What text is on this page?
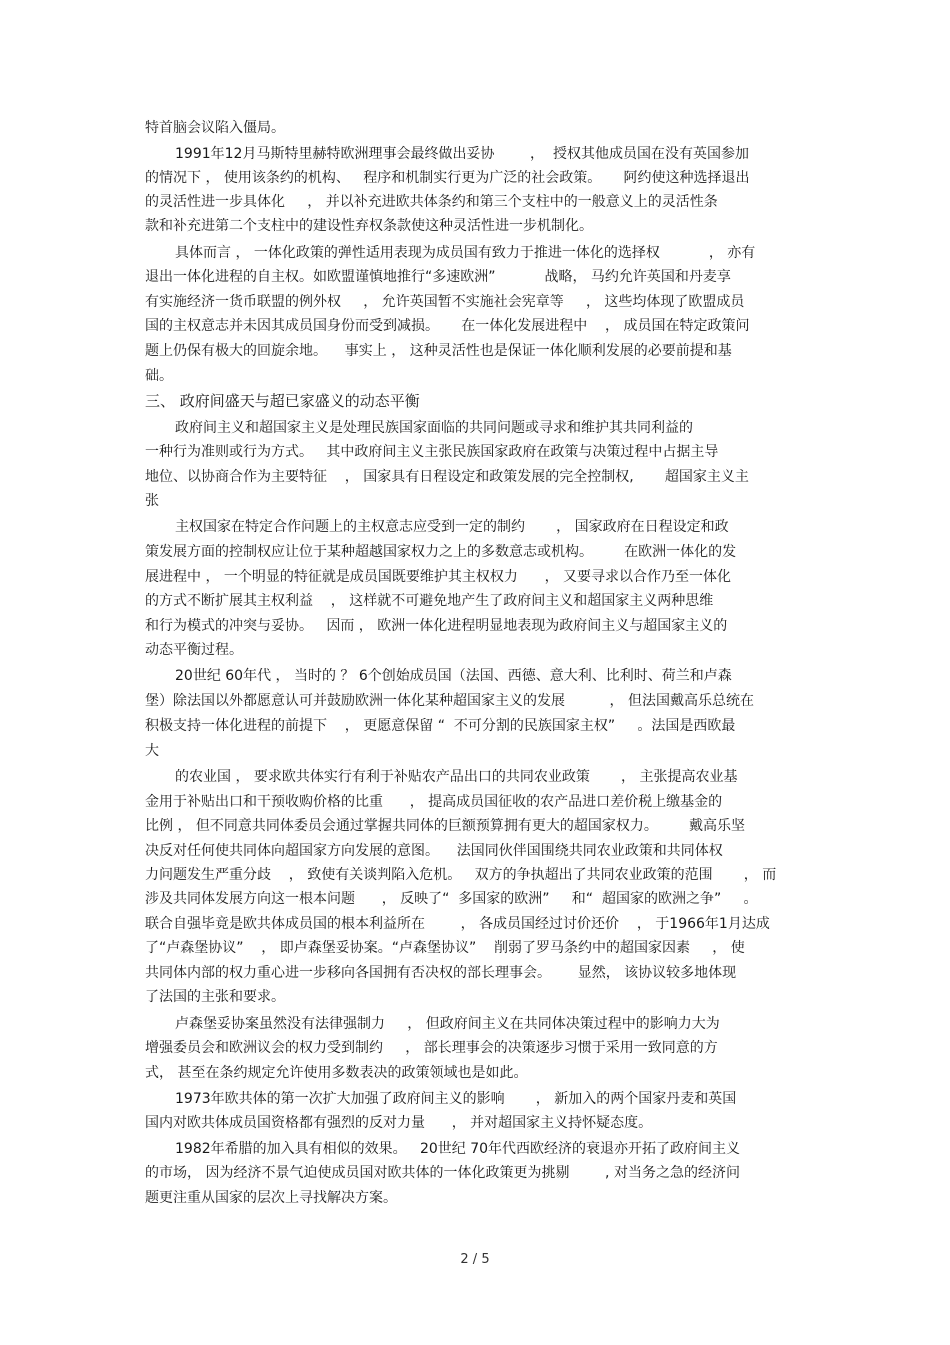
特首脑会议陷入僵局。
1991年12月马斯特里赫特欧洲理事会最终做出妥协        ，  授权其他成员国在没有英国参加
的情况下 ， 使用该条约的机构、   程序和机制实行更为广泛的社会政策。     阿约使这种选择退出
的灵活性进一步具体化     ， 并以补充进欧共体条约和第三个支柱中的一般意义上的灵活性条
款和补充进第二个支柱中的建设性弃权条款使这种灵活性进一步机制化。
具体而言 ， 一体化政策的弹性适用表现为成员国有致力于推进一体化的选择权           ， 亦有
退出一体化进程的自主权。如欧盟谨慎地推行“多速欧洲”           战略， 马约允许英国和丹麦享
有实施经济一货币联盟的例外权     ， 允许英国暂不实施社会宪章等     ， 这些均体现了欧盟成员
国的主权意志并未因其成员国身份而受到减损。     在一体化发展进程中    ， 成员国在特定政策问
题上仍保有极大的回旋余地。    事实上 ， 这种灵活性也是保证一体化顺利发展的必要前提和基
础。
三、 政府间盛天与超已家盛义的动态平衡
政府间主义和超国家主义是处理民族国家面临的共同问题或寻求和维护其共同利益的
一种行为准则或行为方式。   其中政府间主义主张民族国家政府在政策与决策过程中占据主导
地位、以协商合作为主要特征    ， 国家具有日程设定和政策发展的完全控制权,       超国家主义主
张
主权国家在特定合作问题上的主权意志应受到一定的制约       ， 国家政府在日程设定和政
策发展方面的控制权应让位于某种超越国家权力之上的多数意志或机构。       在欧洲一体化的发
展进程中 ， 一个明显的特征就是成员国既要维护其主权权力      ， 又要寻求以合作乃至一体化
的方式不断扩展其主权利益    ， 这样就不可避免地产生了政府间主义和超国家主义两种思维
和行为模式的冲突与妥协。   因而 ， 欧洲一体化进程明显地表现为政府间主义与超国家主义的
动态平衡过程。
20世纪 60年代 ， 当时的 ？ 6个创始成员国（法国、西德、意大利、比利时、荷兰和卢森
堡）除法国以外都愿意认可并鼓励欧洲一体化某种超国家主义的发展          ， 但法国戴高乐总统在
积极支持一体化进程的前提下    ， 更愿意保留 “  不可分割的民族国家主权”     。法国是西欧最
大
的农业国 ， 要求欧共体实行有利于补贴农产品出口的共同农业政策       ， 主张提高农业基
金用于补贴出口和干预收购价格的比重      ， 提高成员国征收的农产品进口差价税上缴基金的
比例 ， 但不同意共同体委员会通过掌握共同体的巨额预算拥有更大的超国家权力。       戴高乐坚
决反对任何使共同体向超国家方向发展的意图。    法国同伙伴国围绕共同农业政策和共同体权
力问题发生严重分歧    ， 致使有关谈判陷入危机。   双方的争执超出了共同农业政策的范围       ， 而
涉及共同体发展方向这一根本问题      ， 反映了“  多国家的欧洲”     和“  超国家的欧洲之争”     。
联合自强毕竟是欧共体成员国的根本利益所在        ， 各成员国经过讨价还价    ， 于1966年1月达成
了“卢森堡协议”    ， 即卢森堡妥协案。“卢森堡协议”    削弱了罗马条约中的超国家因素     ， 使
共同体内部的权力重心进一步移向各国拥有否决权的部长理事会。      显然， 该协议较多地体现
了法国的主张和要求。
卢森堡妥协案虽然没有法律强制力     ， 但政府间主义在共同体决策过程中的影响力大为
增强委员会和欧洲议会的权力受到制约     ， 部长理事会的决策逐步习惯于采用一致同意的方
式， 甚至在条约规定允许使用多数表决的政策领域也是如此。
1973年欧共体的第一次扩大加强了政府间主义的影响       ， 新加入的两个国家丹麦和英国
国内对欧共体成员国资格都有强烈的反对力量      ， 并对超国家主义持怀疑态度。
1982年希腊的加入具有相似的效果。   20世纪 70年代西欧经济的衰退亦开拓了政府间主义
的市场， 因为经济不景气迫使成员国对欧共体的一体化政策更为挑剔        , 对当务之急的经济问
题更注重从国家的层次上寻找解决方案。
2 / 5
